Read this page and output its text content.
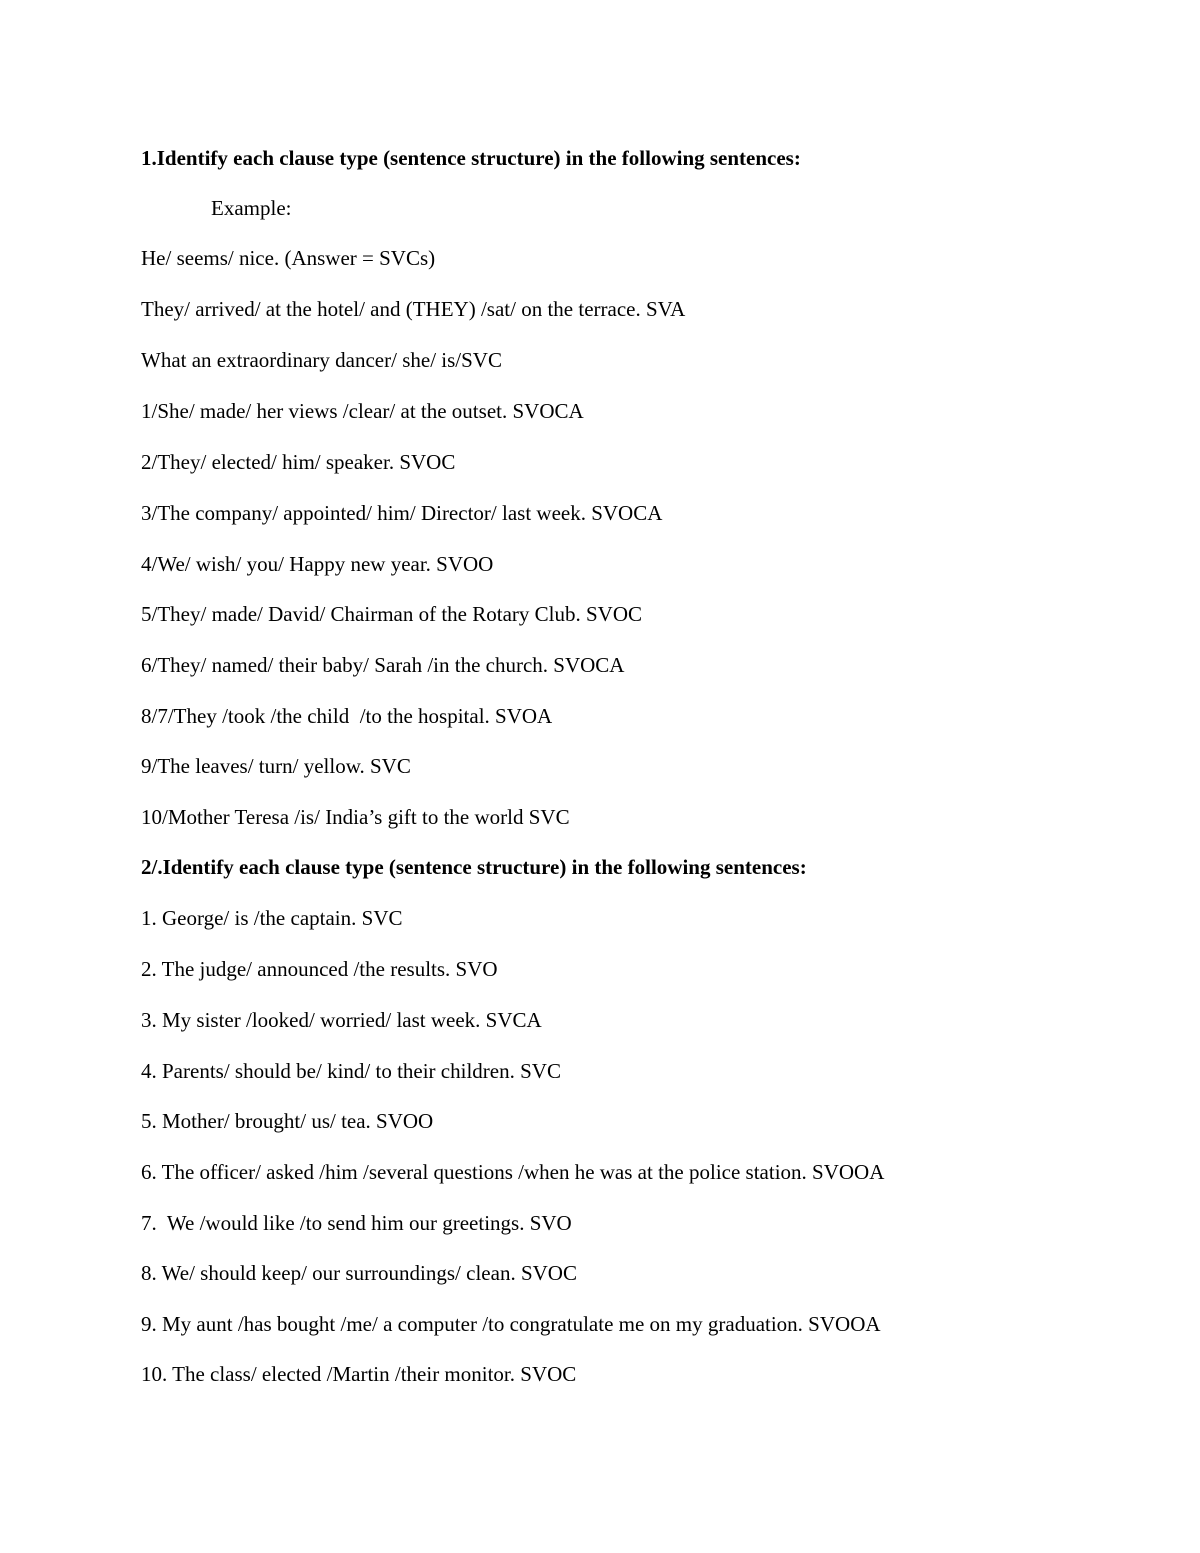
1.Identify each clause type (sentence structure) in the following sentences:
Example:
He/ seems/ nice. (Answer = SVCs)
They/ arrived/ at the hotel/ and (THEY) /sat/ on the terrace. SVA
What an extraordinary dancer/ she/ is/SVC
1/She/ made/ her views /clear/ at the outset. SVOCA
2/They/ elected/ him/ speaker. SVOC
3/The company/ appointed/ him/ Director/ last week. SVOCA
4/We/ wish/ you/ Happy new year. SVOO
5/They/ made/ David/ Chairman of the Rotary Club. SVOC
6/They/ named/ their baby/ Sarah /in the church. SVOCA
8/7/They /took /the child  /to the hospital. SVOA
9/The leaves/ turn/ yellow. SVC
10/Mother Teresa /is/ India’s gift to the world SVC
2/.Identify each clause type (sentence structure) in the following sentences:
1. George/ is /the captain. SVC
2. The judge/ announced /the results. SVO
3. My sister /looked/ worried/ last week. SVCA
4. Parents/ should be/ kind/ to their children. SVC
5. Mother/ brought/ us/ tea. SVOO
6. The officer/ asked /him /several questions /when he was at the police station. SVOOA
7.  We /would like /to send him our greetings. SVO
8. We/ should keep/ our surroundings/ clean. SVOC
9. My aunt /has bought /me/ a computer /to congratulate me on my graduation. SVOOA
10. The class/ elected /Martin /their monitor. SVOC
